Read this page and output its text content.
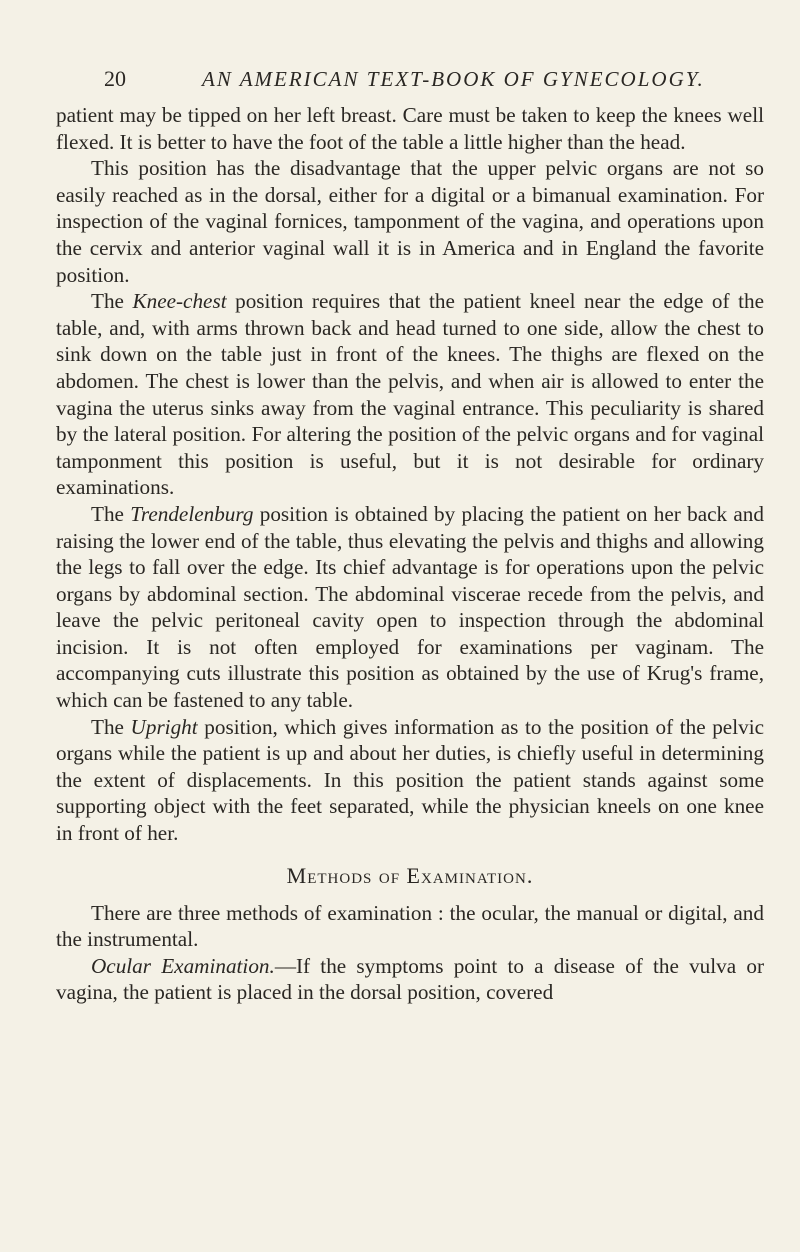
20	AN AMERICAN TEXT-BOOK OF GYNECOLOGY.

patient may be tipped on her left breast. Care must be taken to keep the knees well flexed. It is better to have the foot of the table a little higher than the head.

This position has the disadvantage that the upper pelvic organs are not so easily reached as in the dorsal, either for a digital or a bimanual examination. For inspection of the vaginal fornices, tamponment of the vagina, and operations upon the cervix and anterior vaginal wall it is in America and in England the favorite position.

The Knee-chest position requires that the patient kneel near the edge of the table, and, with arms thrown back and head turned to one side, allow the chest to sink down on the table just in front of the knees. The thighs are flexed on the abdomen. The chest is lower than the pelvis, and when air is allowed to enter the vagina the uterus sinks away from the vaginal entrance. This peculiarity is shared by the lateral position. For altering the position of the pelvic organs and for vaginal tamponment this position is useful, but it is not desirable for ordinary examinations.

The Trendelenburg position is obtained by placing the patient on her back and raising the lower end of the table, thus elevating the pelvis and thighs and allowing the legs to fall over the edge. Its chief advantage is for operations upon the pelvic organs by abdominal section. The abdominal viscerae recede from the pelvis, and leave the pelvic peritoneal cavity open to inspection through the abdominal incision. It is not often employed for examinations per vaginam. The accompanying cuts illustrate this position as obtained by the use of Krug's frame, which can be fastened to any table.

The Upright position, which gives information as to the position of the pelvic organs while the patient is up and about her duties, is chiefly useful in determining the extent of displacements. In this position the patient stands against some supporting object with the feet separated, while the physician kneels on one knee in front of her.

Methods of Examination.

There are three methods of examination : the ocular, the manual or digital, and the instrumental.

Ocular Examination.—If the symptoms point to a disease of the vulva or vagina, the patient is placed in the dorsal position, covered
